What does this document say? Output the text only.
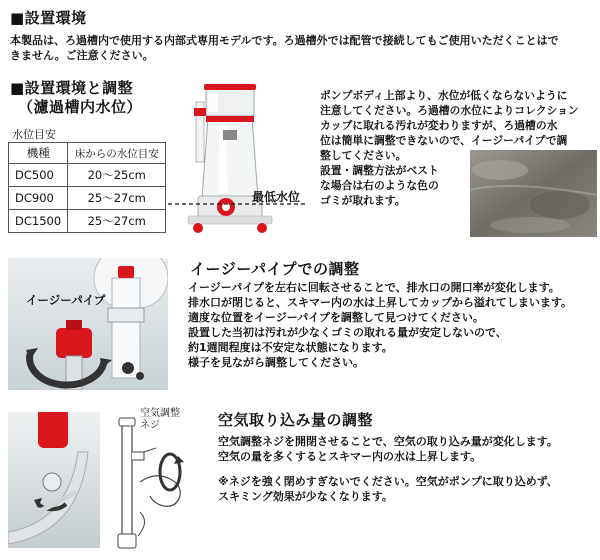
■設置環境
本製品は、ろ過槽内で使用する内部式専用モデルです。ろ過槽外では配管で接続してもご使用いただくことはで
きません。ご注意ください。
■設置環境と調整
（濾過槽内水位）
水位目安
機種	床からの水位目安
DC500	20～25cm
DC900	25～27cm
DC1500	25～27cm
最低水位
ポンプボディ上部より、水位が低くならないように
注意してください。ろ過槽の水位によりコレクション
カップに取れる汚れが変わりますが、ろ過槽の水
位は簡単に調整できないので、イージーパイプで調
整してください。
設置・調整方法がベスト
な場合は右のような色の
ゴミが取れます。
イージーパイプ
イージーパイプでの調整
イージーパイプを左右に回転させることで、排水口の開口率が変化します。
排水口が閉じると、スキマー内の水は上昇してカップから溢れてしまいます。
適度な位置をイージーパイプを調整して見つけてください。
設置した当初は汚れが少なくゴミの取れる量が安定しないので、
約1週間程度は不安定な状態になります。
様子を見ながら調整してください。
空気調整
ネジ	空気取り込み量の調整
空気調整ネジを開閉させることで、空気の取り込み量が変化します。
空気の量を多くするとスキマー内の水は上昇します。
※ネジを強く閉めすぎないでください。空気がポンプに取り込めず、
スキミング効果が少なくなります。
